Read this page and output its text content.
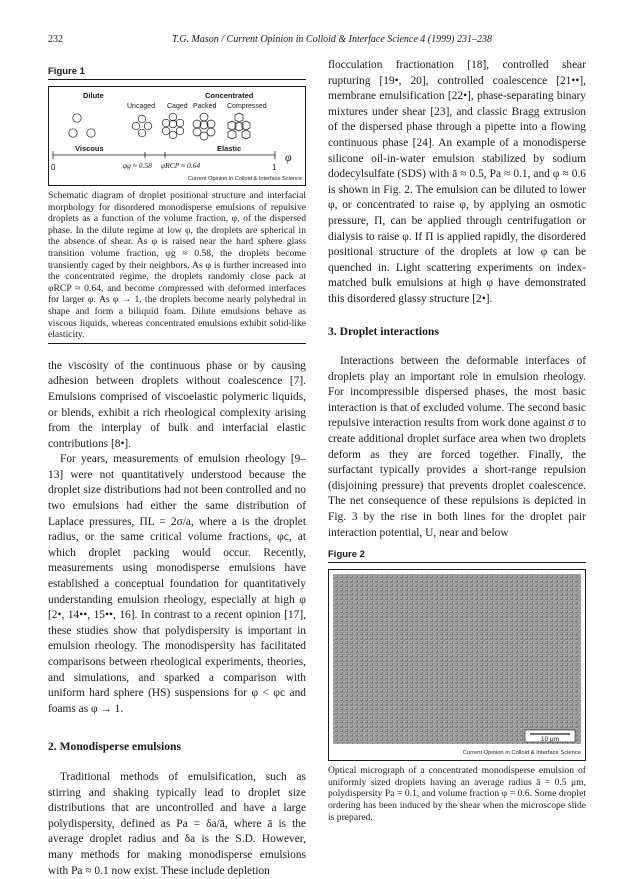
232	T.G. Mason / Current Opinion in Colloid & Interface Science 4 (1999) 231–238
Figure 1
Dilute	Concentrated
Uncaged Caged Packed Compressed
Viscous	Elastic
0	1
φ
φg ≈ 0.58 φRCP ≈ 0.64
Current Opinion in Colloid & Interface Science

Schematic diagram of droplet positional structure and interfacial morphology for disordered monodisperse emulsions of repulsive droplets as a function of the volume fraction, φ, of the dispersed phase. In the dilute regime at low φ, the droplets are spherical in the absence of shear. As φ is raised near the hard sphere glass transition volume fraction, φg ≈ 0.58, the droplets become transiently caged by their neighbors. As φ is further increased into the concentrated regime, the droplets randomly close pack at φRCP ≈ 0.64, and become compressed with deformed interfaces for larger φ. As φ → 1, the droplets become nearly polyhedral in shape and form a biliquid foam. Dilute emulsions behave as viscous liquids, whereas concentrated emulsions exhibit solid-like elasticity.

the viscosity of the continuous phase or by causing adhesion between droplets without coalescence [7]. Emulsions comprised of viscoelastic polymeric liquids, or blends, exhibit a rich rheological complexity arising from the interplay of bulk and interfacial elastic contributions [8•].

For years, measurements of emulsion rheology [9–13] were not quantitatively understood because the droplet size distributions had not been controlled and no two emulsions had either the same distribution of Laplace pressures, ΠL = 2σ/a, where a is the droplet radius, or the same critical volume fractions, φc, at which droplet packing would occur. Recently, measurements using monodisperse emulsions have established a conceptual foundation for quantitatively understanding emulsion rheology, especially at high φ [2•, 14••, 15••, 16]. In contrast to a recent opinion [17], these studies show that polydispersity is important in emulsion rheology. The monodispersity has facilitated comparisons between rheological experiments, theories, and simulations, and sparked a comparison with uniform hard sphere (HS) suspensions for φ < φc and foams as φ → 1.

2. Monodisperse emulsions

Traditional methods of emulsification, such as stirring and shaking typically lead to droplet size distributions that are uncontrolled and have a large polydispersity, defined as Pa = δa/ā, where ā is the average droplet radius and δa is the S.D. However, many methods for making monodisperse emulsions with Pa ≈ 0.1 now exist. These include depletion

flocculation fractionation [18], controlled shear rupturing [19•, 20], controlled coalescence [21••], membrane emulsification [22•], phase-separating binary mixtures under shear [23], and classic Bragg extrusion of the dispersed phase through a pipette into a flowing continuous phase [24]. An example of a monodisperse silicone oil-in-water emulsion stabilized by sodium dodecylsulfate (SDS) with ā ≈ 0.5, Pa ≈ 0.1, and φ ≈ 0.6 is shown in Fig. 2. The emulsion can be diluted to lower φ, or concentrated to raise φ, by applying an osmotic pressure, Π, can be applied through centrifugation or dialysis to raise φ. If Π is applied rapidly, the disordered positional structure of the droplets at low φ can be quenched in. Light scattering experiments on index-matched bulk emulsions at high φ have demonstrated this disordered glassy structure [2•].

3. Droplet interactions

Interactions between the deformable interfaces of droplets play an important role in emulsion rheology. For incompressible dispersed phases, the most basic interaction is that of excluded volume. The second basic repulsive interaction results from work done against σ to create additional droplet surface area when two droplets deform as they are forced together. Finally, the surfactant typically provides a short-range repulsion (disjoining pressure) that prevents droplet coalescence. The net consequence of these repulsions is depicted in Fig. 3 by the rise in both lines for the droplet pair interaction potential, U, near and below

Figure 2
10 μm
Current Opinion in Colloid & Interface Science

Optical micrograph of a concentrated monodisperse emulsion of uniformly sized droplets having an average radius ā = 0.5 μm, polydispersity Pa = 0.1, and volume fraction φ = 0.6. Some droplet ordering has been induced by the shear when the microscope slide is prepared.
